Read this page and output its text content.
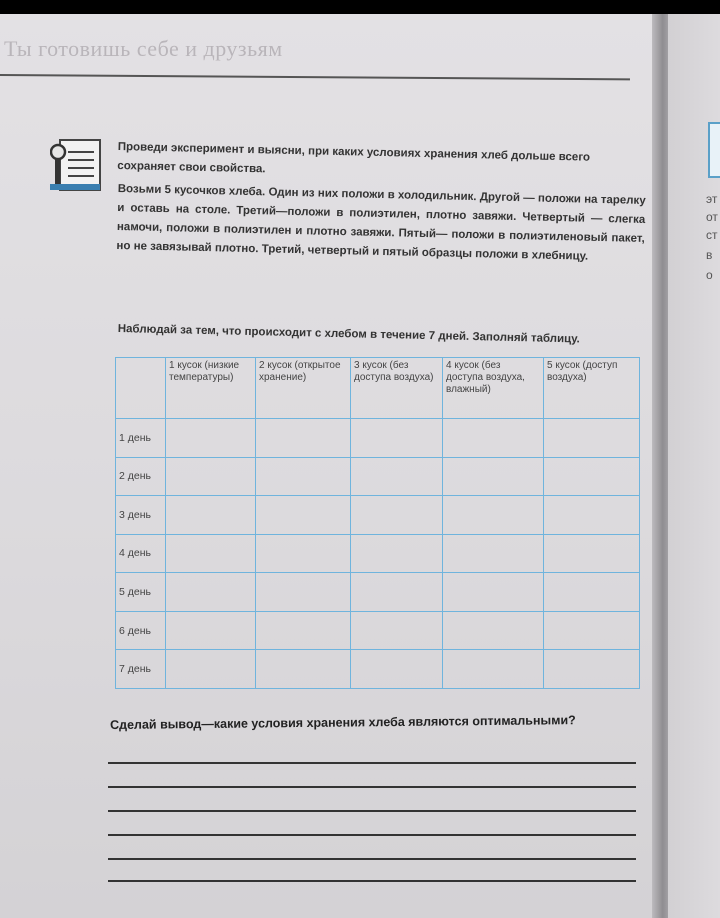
Ты готовишь себе и друзьям
Проведи эксперимент и выясни, при каких условиях хранения хлеб дольше всего сохраняет свои свойства.
Возьми 5 кусочков хлеба. Один из них положи в холодильник. Другой — положи на тарелку и оставь на столе. Третий—положи в полиэтилен, плотно завяжи. Четвертый — слегка намочи, положи в полиэтилен и плотно завяжи. Пятый— положи в полиэтиленовый пакет, но не завязывай плотно. Третий, четвертый и пятый образцы положи в хлебницу.
Наблюдай за тем, что происходит с хлебом в течение 7 дней. Заполняй таблицу.
эт
от
ст
в
о
	1 кусок (низкие температуры)	2 кусок (открытое хранение)	3 кусок (без доступа воздуха)	4 кусок (без доступа воздуха, влажный)	5 кусок (доступ воздуха)
1 день					
2 день					
3 день					
4 день					
5 день					
6 день					
7 день					
Сделай вывод—какие условия хранения хлеба являются оптимальными?
